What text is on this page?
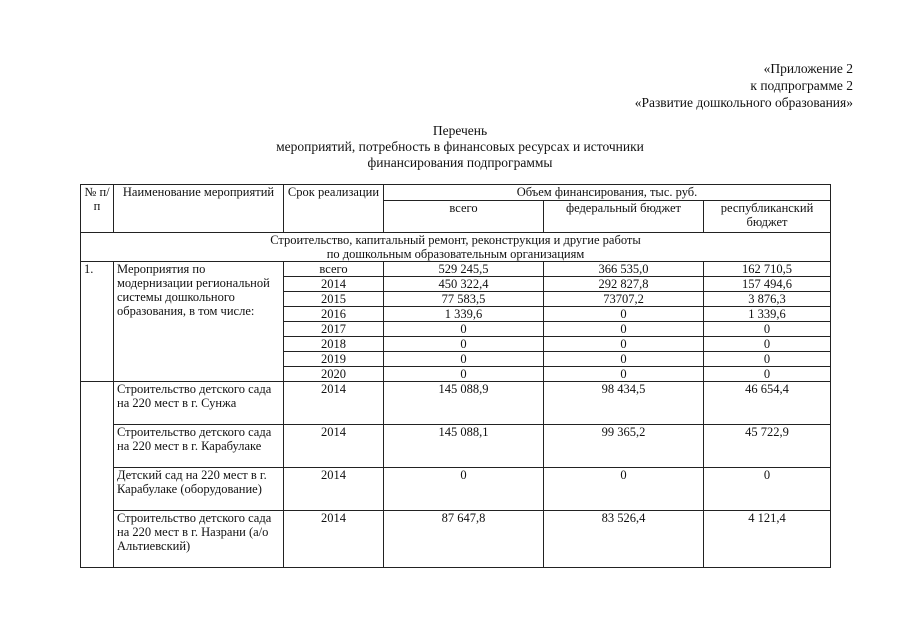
«Приложение 2
к подпрограмме 2
«Развитие дошкольного образования»
Перечень
мероприятий, потребность в финансовых ресурсах и источники
финансирования подпрограммы
№ п/п	Наименование мероприятий	Срок реализации	Объем финансирования, тыс. руб.		
			всего	федеральный бюджет	республиканский бюджет

Строительство, капитальный ремонт, реконструкция и другие работы
по дошкольным образовательным организациям					

1.	Мероприятия по модернизации региональной системы дошкольного образования, в том числе:	всего	529 245,5	366 535,0	162 710,5
		2014	450 322,4	292 827,8	157 494,6
		2015	77 583,5	73707,2	3 876,3
		2016	1 339,6	0	1 339,6
		2017	0	0	0
		2018	0	0	0
		2019	0	0	0
		2020	0	0	0
	Строительство детского сада на 220 мест в г. Сунжа	2014	145 088,9	98 434,5	46 654,4
	Строительство детского сада на 220 мест в г. Карабулаке	2014	145 088,1	99 365,2	45 722,9
	Детский сад на 220 мест в г. Карабулаке (оборудование)	2014	0	0	0
	Строительство детского сада на 220 мест в г. Назрани (а/о Альтиевский)	2014	87 647,8	83 526,4	4 121,4
